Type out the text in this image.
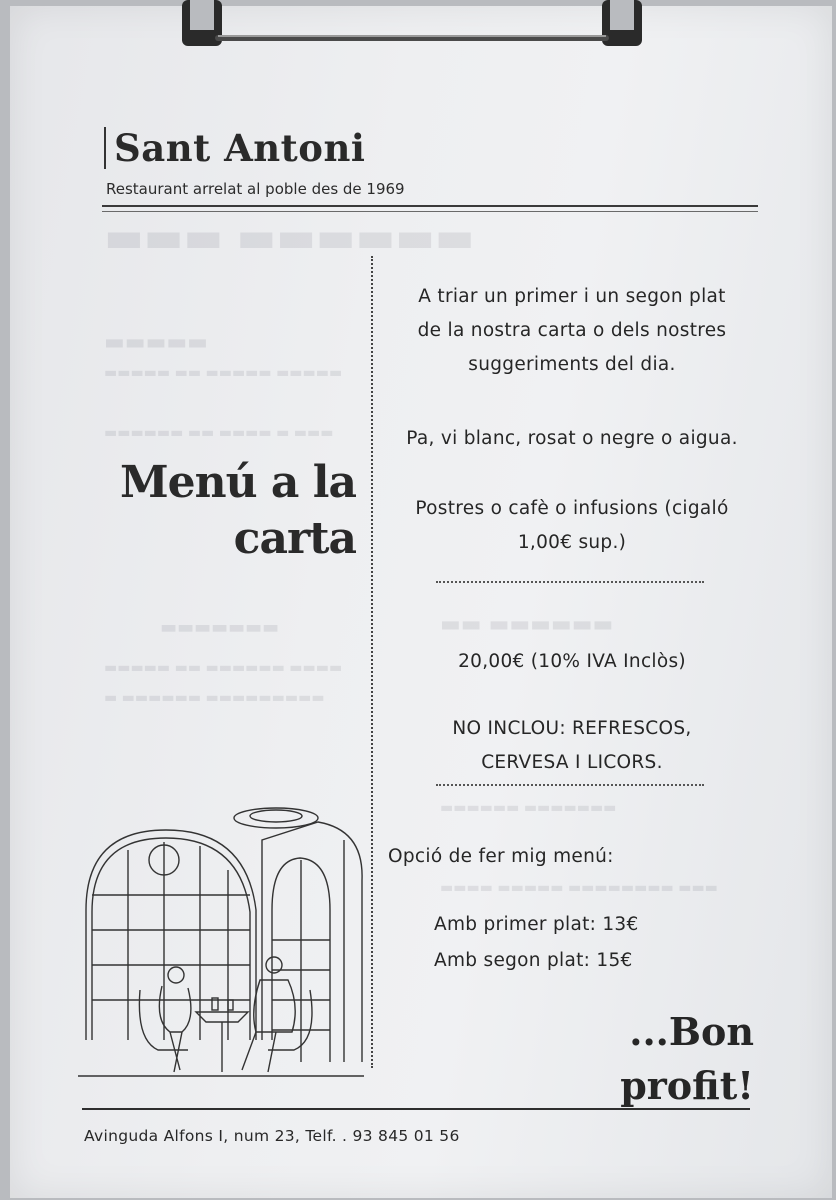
▬▬▬ ▬▬▬▬▬▬
▬▬▬▬▬
▬▬▬▬▬ ▬▬ ▬▬▬▬▬ ▬▬▬▬▬
▬▬▬▬▬▬ ▬▬ ▬▬▬▬ ▬ ▬▬▬
▬▬▬▬▬▬▬
▬▬▬▬▬ ▬▬ ▬▬▬▬▬▬ ▬▬▬▬
▬ ▬▬▬▬▬▬ ▬▬▬▬▬▬▬▬▬
▬▬ ▬▬▬▬▬▬
▬▬▬▬▬▬ ▬▬▬▬▬▬▬
▬▬▬▬ ▬▬▬▬▬ ▬▬▬▬▬▬▬▬ ▬▬▬
Sant Antoni
Restaurant arrelat al poble des de 1969
Menú a la
carta
A triar un primer i un segon plat
de la nostra carta o dels nostres
suggeriments del dia.
Pa, vi blanc, rosat o negre o aigua.
Postres o cafè o infusions (cigaló
1,00€ sup.)
20,00€ (10% IVA Inclòs)
NO INCLOU: REFRESCOS,
CERVESA I LICORS.
Opció de fer mig menú:
Amb primer plat: 13€
Amb segon plat: 15€
...Bon
profit!
Avinguda Alfons I, num 23, Telf. . 93 845 01 56
